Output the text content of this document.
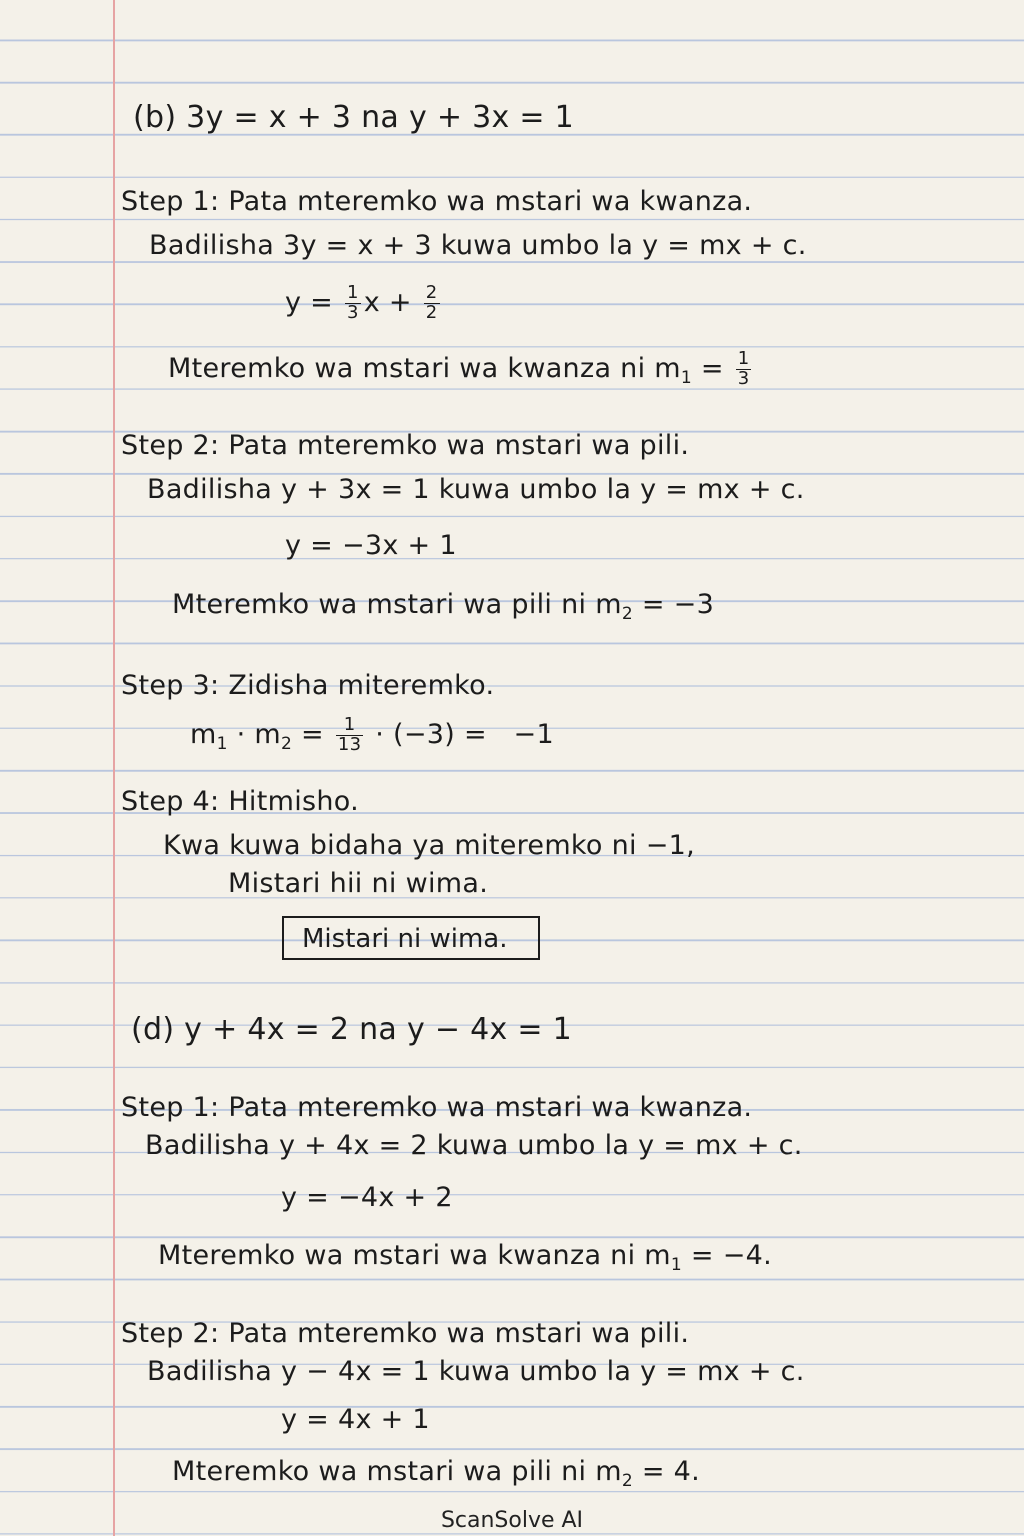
(b) 3y = x + 3 na y + 3x = 1
Step 1: Pata mteremko wa mstari wa kwanza.
Badilisha 3y = x + 3 kuwa umbo la y = mx + c.
$y = \frac{1}{3}$ $x + \frac{2}{2}$
Mteremko wa mstari wa kwanza ni $m_1 = \frac{1}{3}$
Step 2: Pata mteremko wa mstari wa pili.
Badilisha y + 3x = 1 kuwa umbo la y = mx + c.
y = −3x + 1
Mteremko wa mstari wa pili ni $m_2 = -3$
Step 3: Zidisha miteremko.
$m_1 \cdot m_2 = \frac{1}{13} \cdot (-3) = -1$
Step 4: Hitmisho.
Kwa kuwa bidaha ya miteremko ni −1,
Mistari hii ni wima.
Mistari ni wima.
(d) y + 4x = 2 na y − 4x = 1
Step 1: Pata mteremko wa mstari wa kwanza.
Badilisha y + 4x = 2 kuwa umbo la y = mx + c.
y = −4x + 2
Mteremko wa mstari wa kwanza ni $m_1 = -4$.
Step 2: Pata mteremko wa mstari wa pili.
Badilisha y − 4x = 1 kuwa umbo la y = mx + c.
y = 4x + 1
Mteremko wa mstari wa pili ni $m_2 = 4$.
ScanSolve AI
